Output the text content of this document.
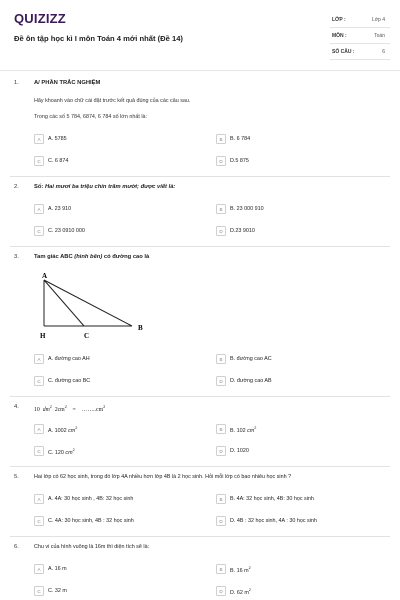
QUIZIZZ
Đề ôn tập học kì I môn Toán 4 mới nhất (Đề 14)
LỚP :	Lớp 4
MÔN :	Toán
SỐ CÂU :	6
1.	A/ PHẦN TRẮC NGHIỆM
Hãy khoanh vào chữ cái đặt trước kết quả đúng của các câu sau.
Trong các số 5 784, 6874, 6 784 số lớn nhất là:
A	A. 5785	B	B. 6 784
C	C. 6 874	D	D.5 875
2.	Số: Hai mươi ba triệu chín trăm mười; được viết là:
A	A. 23 910	B	B. 23 000 910
C	C. 23 0910 000	D	D.23 9010
3.	Tam giác ABC (hình bên) có đường cao là
A
H	C
B
A	A. đường cao AH	B	B. đường cao AC
C	C. đường cao BC	D	D. đường cao AB
4.	10 $dm^2$  $2cm^2$    = $\dots\dots..cm^2$
A	A. 1002 $cm^2$	B	B. 102 $cm^2$
C	C. 120 $cm^2$	D	D. 1020
5.	Hai lớp có 62 học sinh, trong đó lớp 4A nhiều hơn lớp 4B là 2 học sinh. Hỏi mỗi lớp có bao nhiêu học sinh ?
A	A. 4A: 30 học sinh , 4B: 32 học sinh	B	B. 4A: 32 học sinh, 4B: 30 học sinh
C	C. 4A: 30 học sinh, 4B : 32 học sinh	D	D. 4B : 32 học sinh, 4A : 30 học sinh
6.	Chu vi của hình vuông là 16m thì diện tích sẽ là:
A	A. 16 m	B	B. 16 $m^2$
C	C. 32 m	D	D. 62 $m^2$
